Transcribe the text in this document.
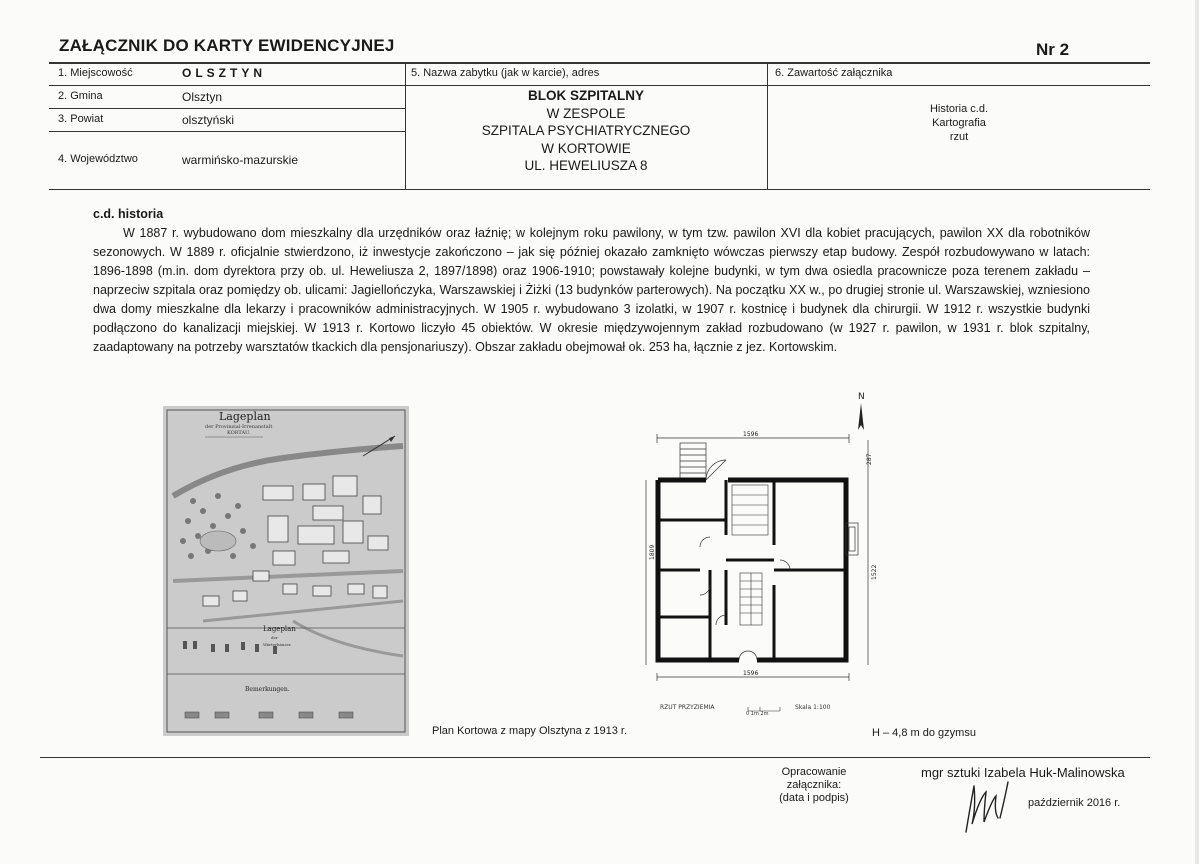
ZAŁĄCZNIK DO KARTY EWIDENCYJNEJ	Nr 2
1. Miejscowość	OLSZTYN
2. Gmina	Olsztyn
3. Powiat	olsztyński
4. Województwo	warmińsko-mazurskie
5. Nazwa zabytku (jak w karcie), adres	6. Zawartość załącznika
BLOK SZPITALNY
W ZESPOLE
SZPITALA PSYCHIATRYCZNEGO
W KORTOWIE
UL. HEWELIUSZA 8
Historia c.d.
Kartografia
rzut
c.d. historia
W 1887 r. wybudowano dom mieszkalny dla urzędników oraz łaźnię; w kolejnym roku pawilony, w tym tzw. pawilon XVI dla kobiet pracujących, pawilon XX dla robotników sezonowych. W 1889 r. oficjalnie stwierdzono, iż inwestycje zakończono – jak się później okazało zamknięto wówczas pierwszy etap budowy. Zespół rozbudowywano w latach: 1896-1898 (m.in. dom dyrektora przy ob. ul. Heweliusza 2, 1897/1898) oraz 1906-1910; powstawały kolejne budynki, w tym dwa osiedla pracownicze poza terenem zakładu – naprzeciw szpitala oraz pomiędzy ob. ulicami: Jagiellończyka, Warszawskiej i Żiżki (13 budynków parterowych). Na początku XX w., po drugiej stronie ul. Warszawskiej, wzniesiono dwa domy mieszkalne dla lekarzy i pracowników administracyjnych. W 1905 r. wybudowano 3 izolatki, w 1907 r. kostnicę i budynek dla chirurgii. W 1912 r. wszystkie budynki podłączono do kanalizacji miejskiej. W 1913 r. Kortowo liczyło 45 obiektów. W okresie międzywojennym zakład rozbudowano (w 1927 r. pawilon, w 1931 r. blok szpitalny, zaadaptowany na potrzeby warsztatów tkackich dla pensjonariuszy). Obszar zakładu obejmował ok. 253 ha, łącznie z jez. Kortowskim.
Lageplan
der Provinzial-Irrenanstalt
KORTAU.
Lageplan
der
Wärterhäuser.
Bemerkungen.
Plan Kortowa z mapy Olsztyna z 1913 r.
N
1596
287
1522
1809
1596
RZUT PRZYZIEMIA
0 1m 2m
Skala 1:100
H – 4,8 m do gzymsu
Opracowanie załącznika:
(data i podpis)
mgr sztuki Izabela Huk-Malinowska
październik 2016 r.
